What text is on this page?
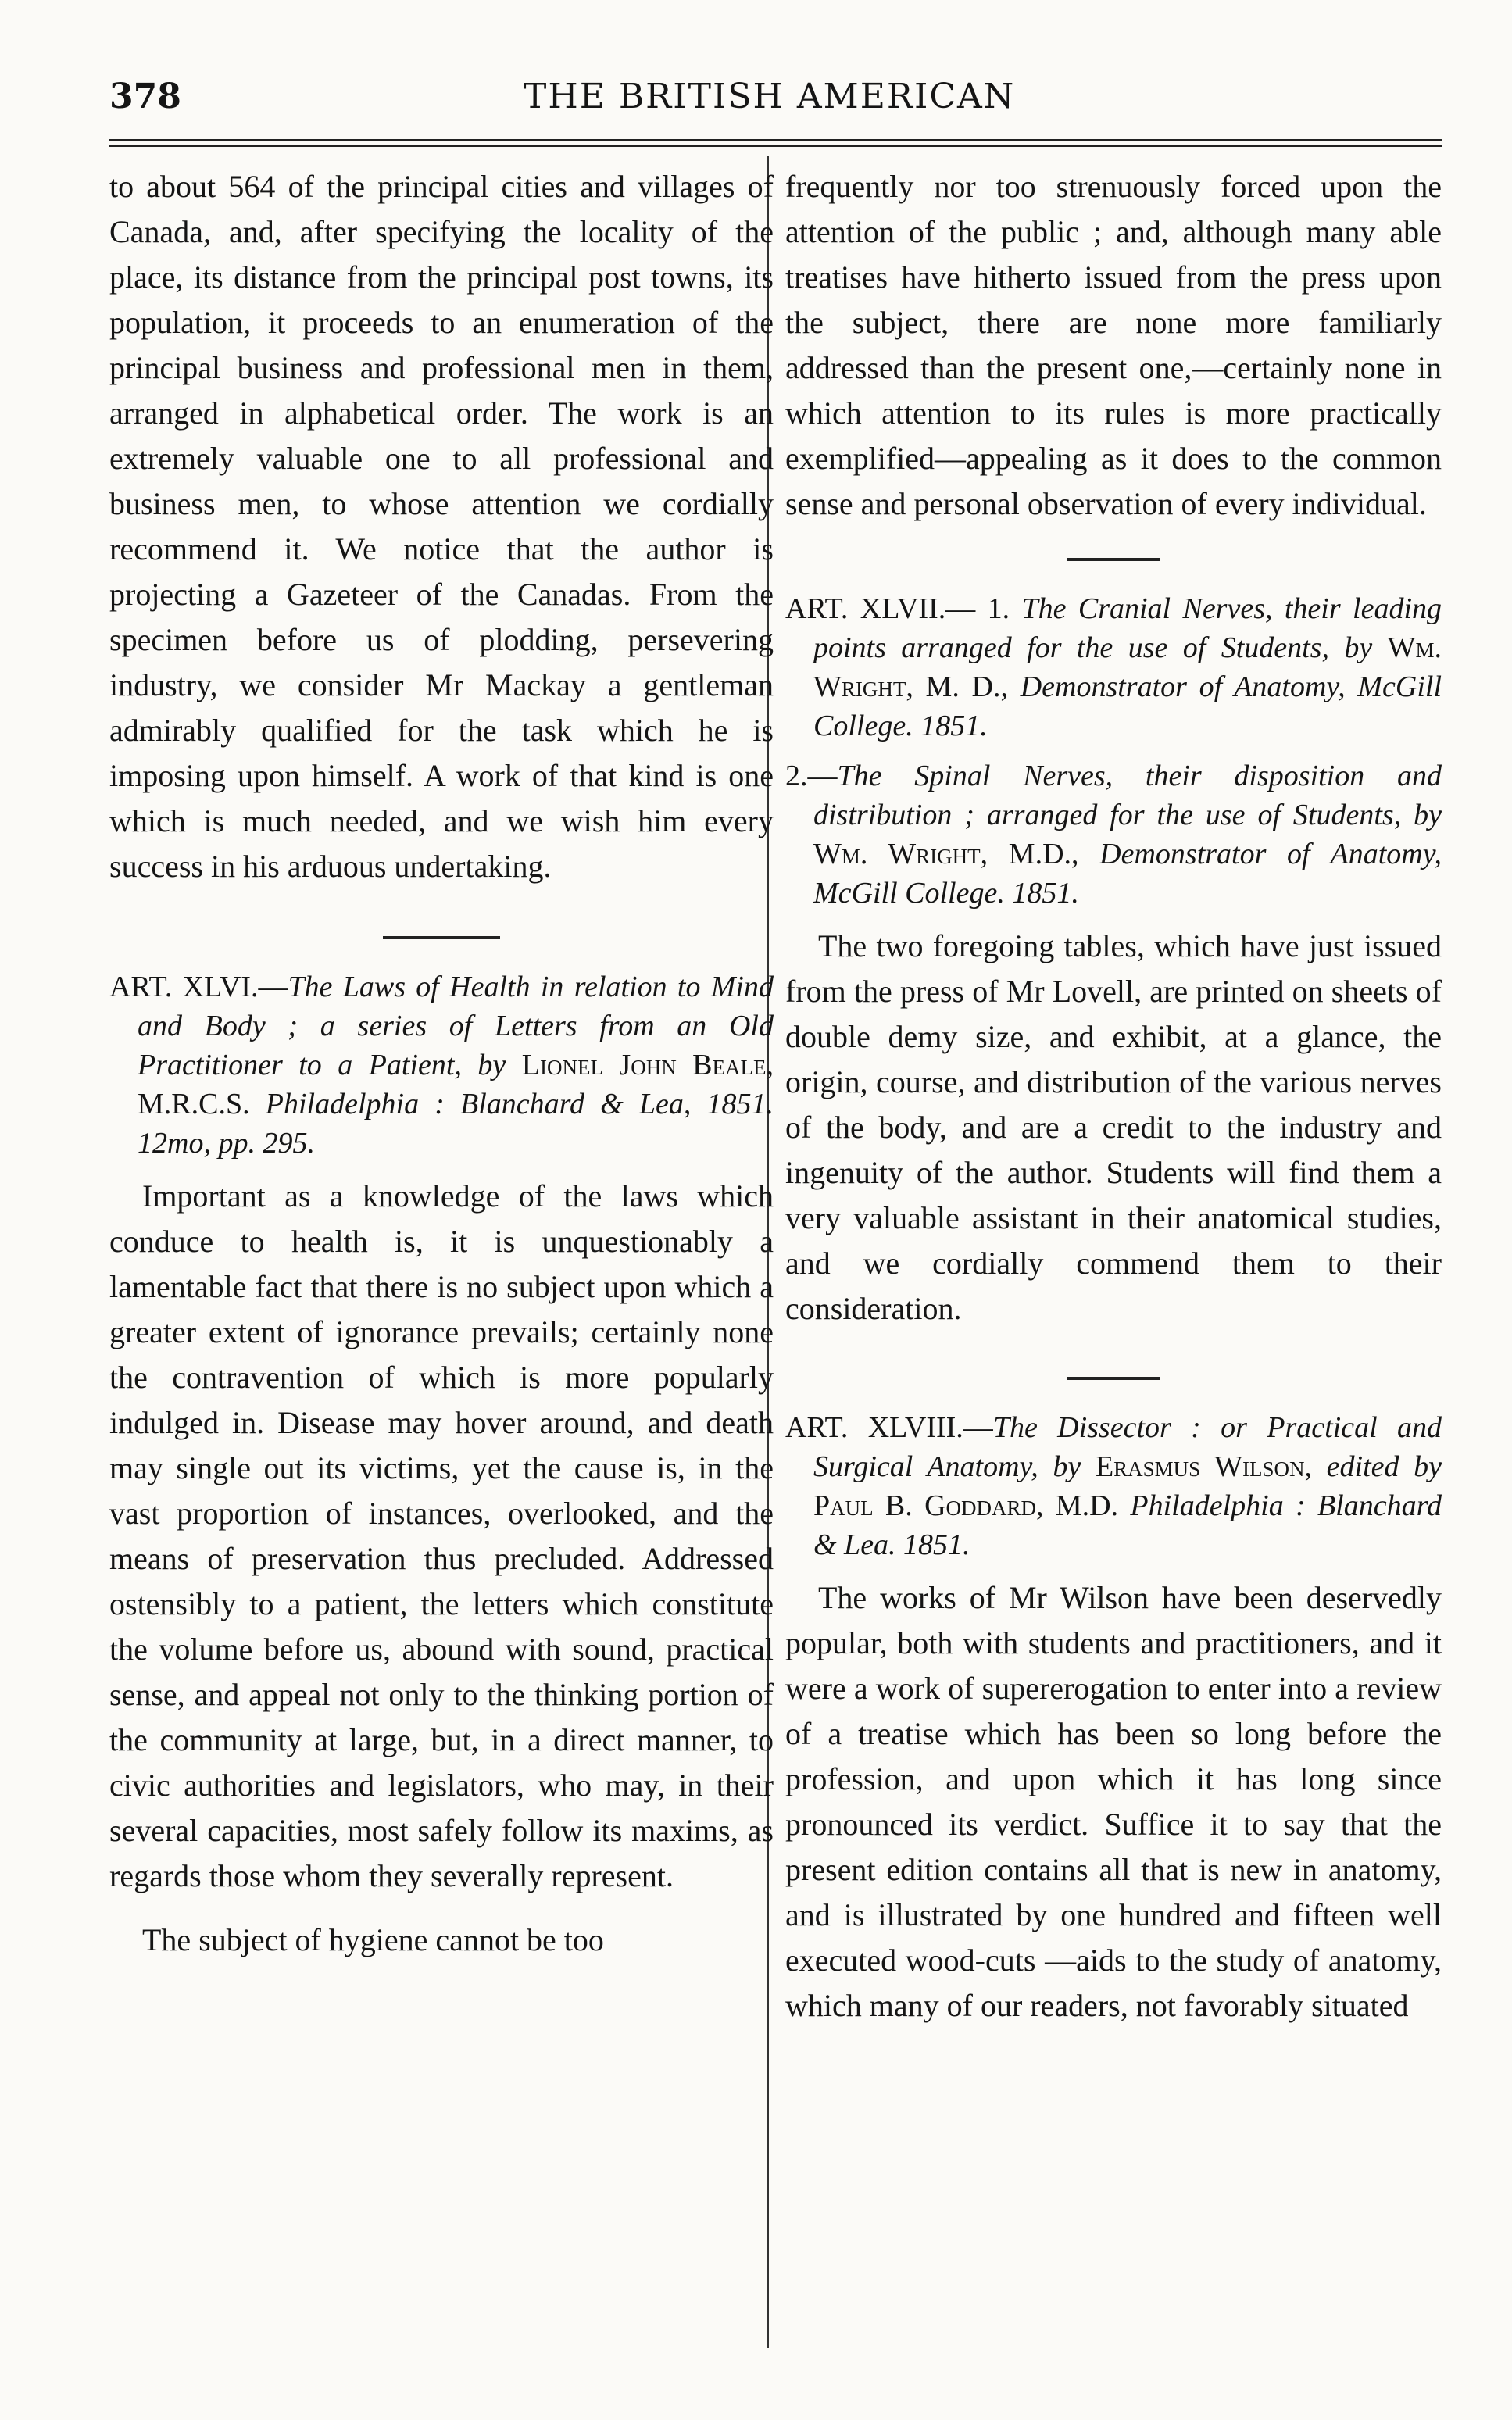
378	THE BRITISH AMERICAN

to about 564 of the principal cities and villages of Canada, and, after specifying the locality of the place, its distance from the principal post towns, its population, it proceeds to an enumeration of the principal business and professional men in them, arranged in alphabetical order. The work is an extremely valuable one to all professional and business men, to whose attention we cordially recommend it. We notice that the author is projecting a Gazeteer of the Canadas. From the specimen before us of plodding, persevering industry, we consider Mr Mackay a gentleman admirably qualified for the task which he is imposing upon himself. A work of that kind is one which is much needed, and we wish him every success in his arduous undertaking.

ART. XLVI.—The Laws of Health in relation to Mind and Body ; a series of Letters from an Old Practitioner to a Patient, by Lionel John Beale, M.R.C.S. Philadelphia : Blanchard & Lea, 1851. 12mo, pp. 295.

Important as a knowledge of the laws which conduce to health is, it is unquestionably a lamentable fact that there is no subject upon which a greater extent of ignorance prevails; certainly none the contravention of which is more popularly indulged in. Disease may hover around, and death may single out its victims, yet the cause is, in the vast proportion of instances, overlooked, and the means of preservation thus precluded. Addressed ostensibly to a patient, the letters which constitute the volume before us, abound with sound, practical sense, and appeal not only to the thinking portion of the community at large, but, in a direct manner, to civic authorities and legislators, who may, in their several capacities, most safely follow its maxims, as regards those whom they severally represent.

The subject of hygiene cannot be too

frequently nor too strenuously forced upon the attention of the public ; and, although many able treatises have hitherto issued from the press upon the subject, there are none more familiarly addressed than the present one,—certainly none in which attention to its rules is more practically exemplified—appealing as it does to the common sense and personal observation of every individual.

ART. XLVII.— 1. The Cranial Nerves, their leading points arranged for the use of Students, by Wm. Wright, M. D., Demonstrator of Anatomy, McGill College. 1851.

2.—The Spinal Nerves, their disposition and distribution ; arranged for the use of Students, by Wm. Wright, M.D., Demonstrator of Anatomy, McGill College. 1851.

The two foregoing tables, which have just issued from the press of Mr Lovell, are printed on sheets of double demy size, and exhibit, at a glance, the origin, course, and distribution of the various nerves of the body, and are a credit to the industry and ingenuity of the author. Students will find them a very valuable assistant in their anatomical studies, and we cordially commend them to their consideration.

ART. XLVIII.—The Dissector : or Practical and Surgical Anatomy, by Erasmus Wilson, edited by Paul B. Goddard, M.D. Philadelphia : Blanchard & Lea. 1851.

The works of Mr Wilson have been deservedly popular, both with students and practitioners, and it were a work of supererogation to enter into a review of a treatise which has been so long before the profession, and upon which it has long since pronounced its verdict. Suffice it to say that the present edition contains all that is new in anatomy, and is illustrated by one hundred and fifteen well executed wood-cuts —aids to the study of anatomy, which many of our readers, not favorably situated
